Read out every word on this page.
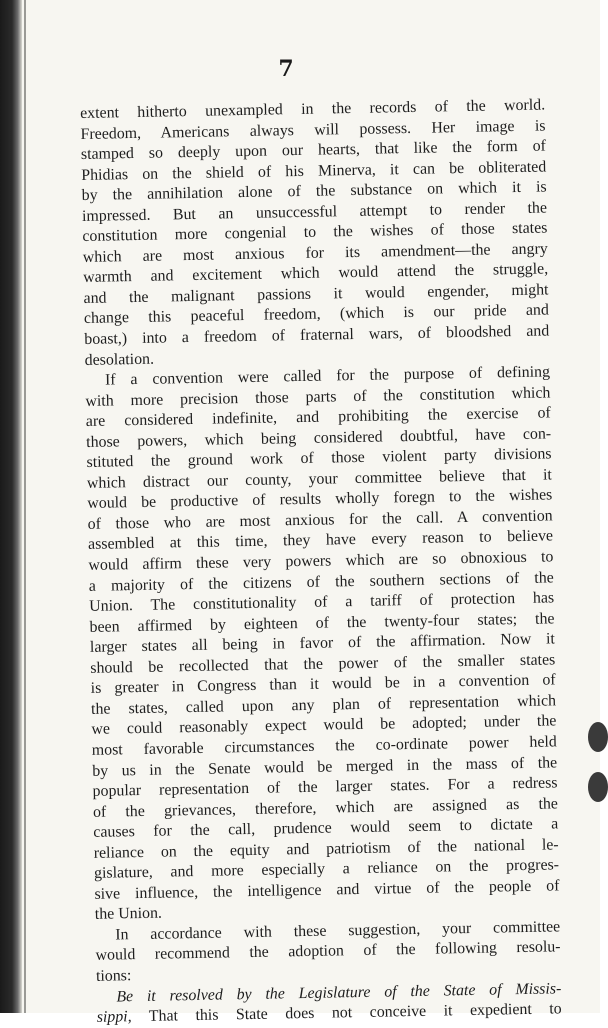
7
extent hitherto unexampled in the records of the world.
Freedom, Americans always will possess. Her image is
stamped so deeply upon our hearts, that like the form of
Phidias on the shield of his Minerva, it can be obliterated
by the annihilation alone of the substance on which it is
impressed. But an unsuccessful attempt to render the
constitution more congenial to the wishes of those states
which are most anxious for its amendment—the angry
warmth and excitement which would attend the struggle,
and the malignant passions it would engender, might
change this peaceful freedom, (which is our pride and
boast,) into a freedom of fraternal wars, of bloodshed and
desolation.
If a convention were called for the purpose of defining
with more precision those parts of the constitution which
are considered indefinite, and prohibiting the exercise of
those powers, which being considered doubtful, have con-
stituted the ground work of those violent party divisions
which distract our county, your committee believe that it
would be productive of results wholly foregn to the wishes
of those who are most anxious for the call. A convention
assembled at this time, they have every reason to believe
would affirm these very powers which are so obnoxious to
a majority of the citizens of the southern sections of the
Union. The constitutionality of a tariff of protection has
been affirmed by eighteen of the twenty-four states; the
larger states all being in favor of the affirmation. Now it
should be recollected that the power of the smaller states
is greater in Congress than it would be in a convention of
the states, called upon any plan of representation which
we could reasonably expect would be adopted; under the
most favorable circumstances the co-ordinate power held
by us in the Senate would be merged in the mass of the
popular representation of the larger states. For a redress
of the grievances, therefore, which are assigned as the
causes for the call, prudence would seem to dictate a
reliance on the equity and patriotism of the national le-
gislature, and more especially a reliance on the progres-
sive influence, the intelligence and virtue of the people of
the Union.
In accordance with these suggestion, your committee
would recommend the adoption of the following resolu-
tions:
Be it resolved by the Legislature of the State of Missis-
sippi, That this State does not conceive it expedient to
